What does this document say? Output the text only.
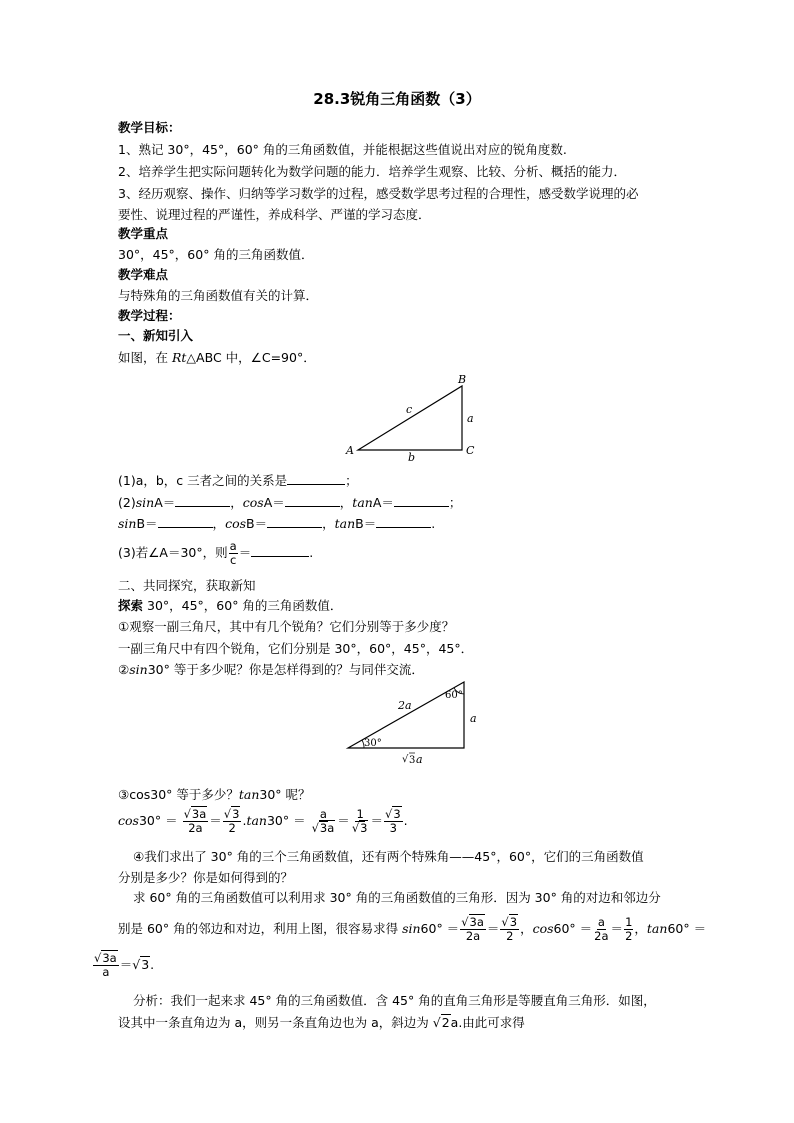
28.3锐角三角函数（3）
教学目标：
1、熟记 30°，45°，60° 角的三角函数值，并能根据这些值说出对应的锐角度数.
2、培养学生把实际问题转化为数学问题的能力．培养学生观察、比较、分析、概括的能力．
3、经历观察、操作、归纳等学习数学的过程，感受数学思考过程的合理性，感受数学说理的必
要性、说理过程的严谨性，养成科学、严谨的学习态度．
教学重点
30°，45°，60° 角的三角函数值．
教学难点
与特殊角的三角函数值有关的计算．
教学过程：
一、新知引入
如图，在 Rt△ABC 中，∠C=90°．
A
B
C
a
b
c
(1)a，b，c 三者之间的关系是	；
(2)sinA＝	，cosA＝	，tanA＝	；
sinB＝	，cosB＝	，tanB＝	.
(3)若∠A＝30°，则 $\frac{a}{c}$ ＝	.
二、共同探究，获取新知
探索 30°，45°，60° 角的三角函数值．
①观察一副三角尺，其中有几个锐角？它们分别等于多少度？
一副三角尺中有四个锐角，它们分别是 30°，60°，45°，45°．
②sin30° 等于多少呢？你是怎样得到的？与同伴交流．
30°
60°
2a
a
√ 3 a
③cos30° 等于多少？tan30° 呢？
$\cos 30^\circ = \frac{√3a}{2a} = \frac{√3}{2} .\tan 30^\circ = \frac{a}{√3a} = \frac{1}{√3} = \frac{√3}{3}$ .
④我们求出了 30° 角的三个三角函数值，还有两个特殊角——45°，60°，它们的三角函数值
分别是多少？你是如何得到的？
求 60° 角的三角函数值可以利用求 30° 角的三角函数值的三角形．因为 30° 角的对边和邻边分
别是 60° 角的邻边和对边，利用上图，很容易求得 $\sin 60^\circ = \frac{√3a}{2a} = \frac{√3}{2}$ ，$\cos 60^\circ = \frac{a}{2a} = \frac{1}{2}$ ，tan60° ＝
$\frac{√3a}{a} =√3$.
分析：我们一起来求 45° 角的三角函数值．含 45° 角的直角三角形是等腰直角三角形．如图，
设其中一条直角边为 a，则另一条直角边也为 a，斜边为 √2a.由此可求得
